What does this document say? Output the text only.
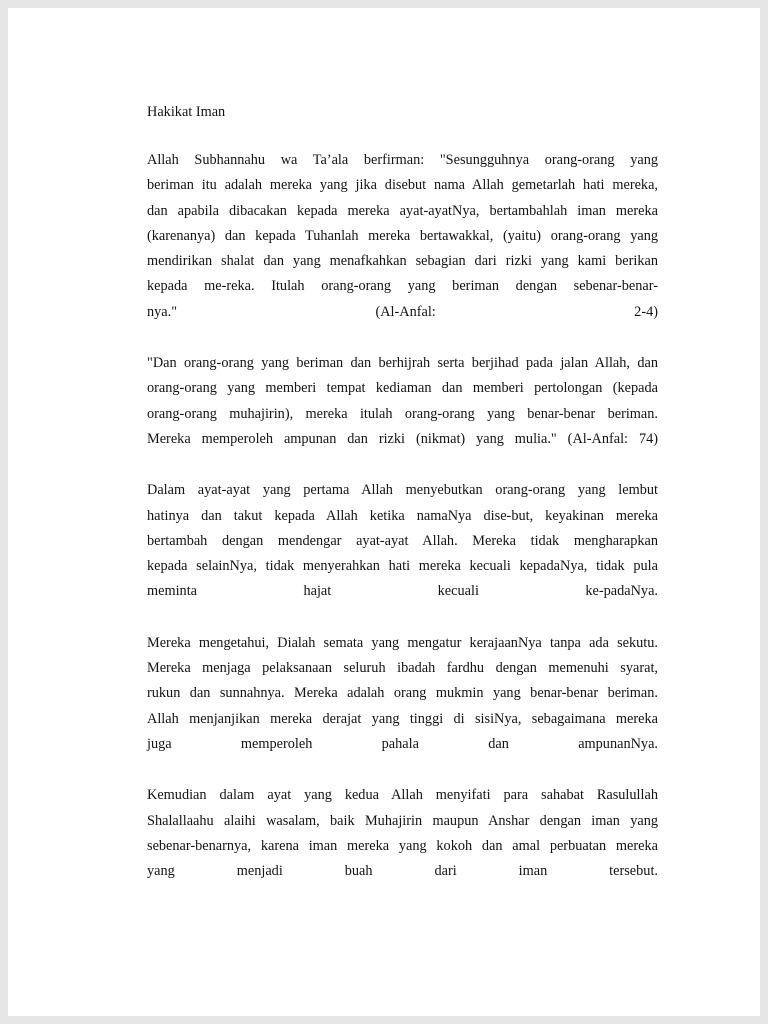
Hakikat Iman
Allah Subhannahu wa Ta’ala berfirman: "Sesungguhnya orang-orang yang
beriman itu adalah mereka yang jika disebut nama Allah gemetarlah hati mereka,
dan apabila dibacakan kepada mereka ayat-ayatNya, bertambahlah iman mereka
(karenanya) dan kepada Tuhanlah mereka bertawakkal, (yaitu) orang-orang yang
mendirikan shalat dan yang menafkahkan sebagian dari rizki yang kami berikan
kepada me-reka. Itulah orang-orang yang beriman dengan sebenar-benar-
nya." (Al-Anfal: 2-4)
"Dan orang-orang yang beriman dan berhijrah serta berjihad pada jalan Allah, dan
orang-orang yang memberi tempat kediaman dan memberi pertolongan (kepada
orang-orang muhajirin), mereka itulah orang-orang yang benar-benar beriman.
Mereka memperoleh ampunan dan rizki (nikmat) yang mulia." (Al-Anfal: 74)
Dalam ayat-ayat yang pertama Allah menyebutkan orang-orang yang lembut
hatinya dan takut kepada Allah ketika namaNya dise-but, keyakinan mereka
bertambah dengan mendengar ayat-ayat Allah. Mereka tidak mengharapkan
kepada selainNya, tidak menyerahkan hati mereka kecuali kepadaNya, tidak pula
meminta hajat kecuali ke-padaNya.
Mereka mengetahui, Dialah semata yang mengatur kerajaanNya tanpa ada sekutu.
Mereka menjaga pelaksanaan seluruh ibadah fardhu dengan memenuhi syarat,
rukun dan sunnahnya. Mereka adalah orang mukmin yang benar-benar beriman.
Allah menjanjikan mereka derajat yang tinggi di sisiNya, sebagaimana mereka
juga memperoleh pahala dan ampunanNya.
Kemudian dalam ayat yang kedua Allah menyifati para sahabat Rasulullah
Shalallaahu alaihi wasalam, baik Muhajirin maupun Anshar dengan iman yang
sebenar-benarnya, karena iman mereka yang kokoh dan amal perbuatan mereka
yang menjadi buah dari iman tersebut.
